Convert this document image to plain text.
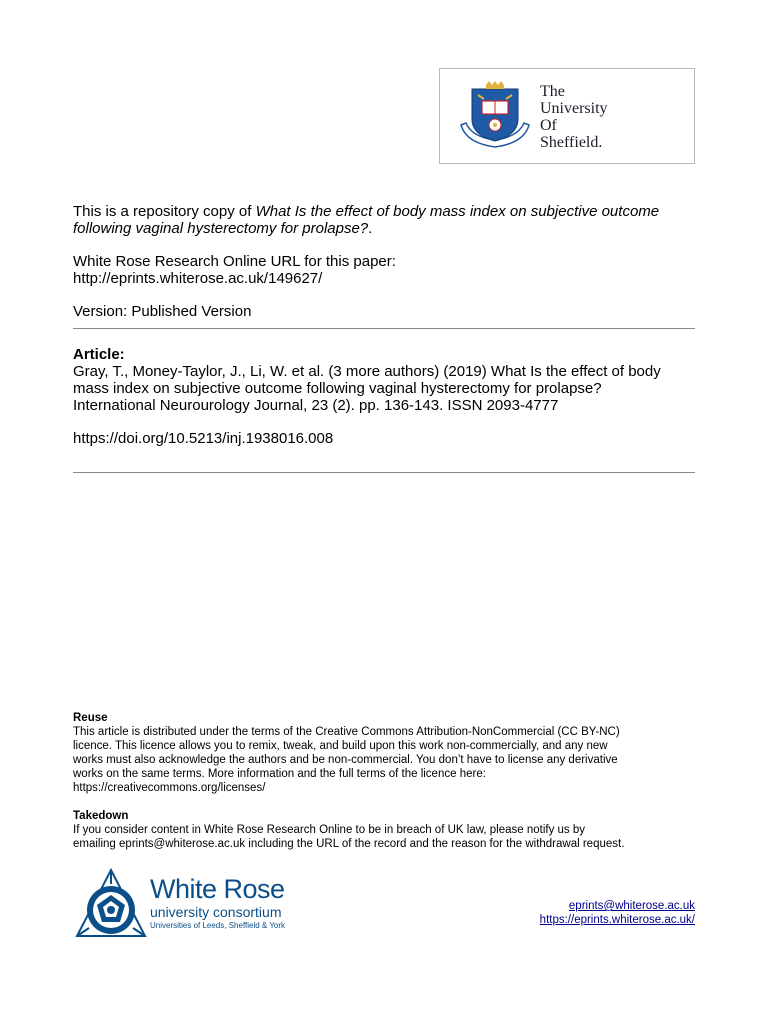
The
University
Of
Sheffield.
This is a repository copy of What Is the effect of body mass index on subjective outcome
following vaginal hysterectomy for prolapse?.
White Rose Research Online URL for this paper:
http://eprints.whiterose.ac.uk/149627/
Version: Published Version
Article:
Gray, T., Money-Taylor, J., Li, W. et al. (3 more authors) (2019) What Is the effect of body
mass index on subjective outcome following vaginal hysterectomy for prolapse?
International Neurourology Journal, 23 (2). pp. 136-143. ISSN 2093-4777
https://doi.org/10.5213/inj.1938016.008
Reuse
This article is distributed under the terms of the Creative Commons Attribution-NonCommercial (CC BY-NC)
licence. This licence allows you to remix, tweak, and build upon this work non-commercially, and any new
works must also acknowledge the authors and be non-commercial. You don’t have to license any derivative
works on the same terms. More information and the full terms of the licence here:
https://creativecommons.org/licenses/
Takedown
If you consider content in White Rose Research Online to be in breach of UK law, please notify us by
emailing eprints@whiterose.ac.uk including the URL of the record and the reason for the withdrawal request.
White Rose
university consortium
Universities of Leeds, Sheffield & York
eprints@whiterose.ac.uk
https://eprints.whiterose.ac.uk/
